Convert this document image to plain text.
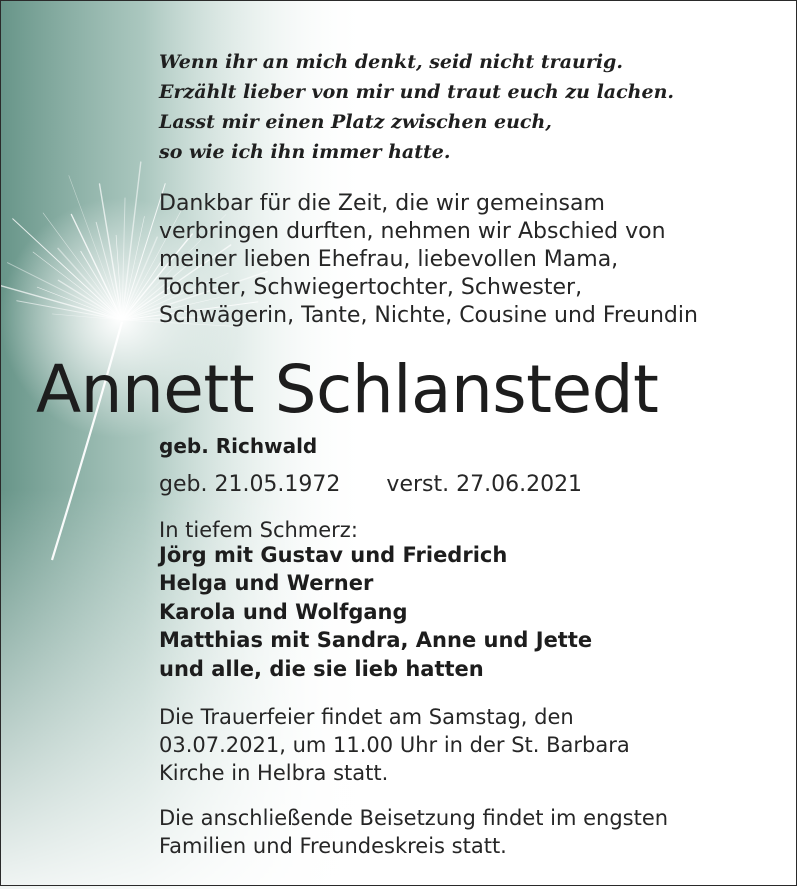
Wenn ihr an mich denkt, seid nicht traurig.
Erzählt lieber von mir und traut euch zu lachen.
Lasst mir einen Platz zwischen euch,
so wie ich ihn immer hatte.

Dankbar für die Zeit, die wir gemeinsam
verbringen durften, nehmen wir Abschied von
meiner lieben Ehefrau, liebevollen Mama,
Tochter, Schwiegertochter, Schwester,
Schwägerin, Tante, Nichte, Cousine und Freundin

Annett Schlanstedt

geb. Richwald

geb. 21.05.1972 verst. 27.06.2021

In tiefem Schmerz:

Jörg mit Gustav und Friedrich
Helga und Werner
Karola und Wolfgang
Matthias mit Sandra, Anne und Jette
und alle, die sie lieb hatten

Die Trauerfeier findet am Samstag, den
03.07.2021, um 11.00 Uhr in der St. Barbara
Kirche in Helbra statt.

Die anschließende Beisetzung findet im engsten
Familien und Freundeskreis statt.
